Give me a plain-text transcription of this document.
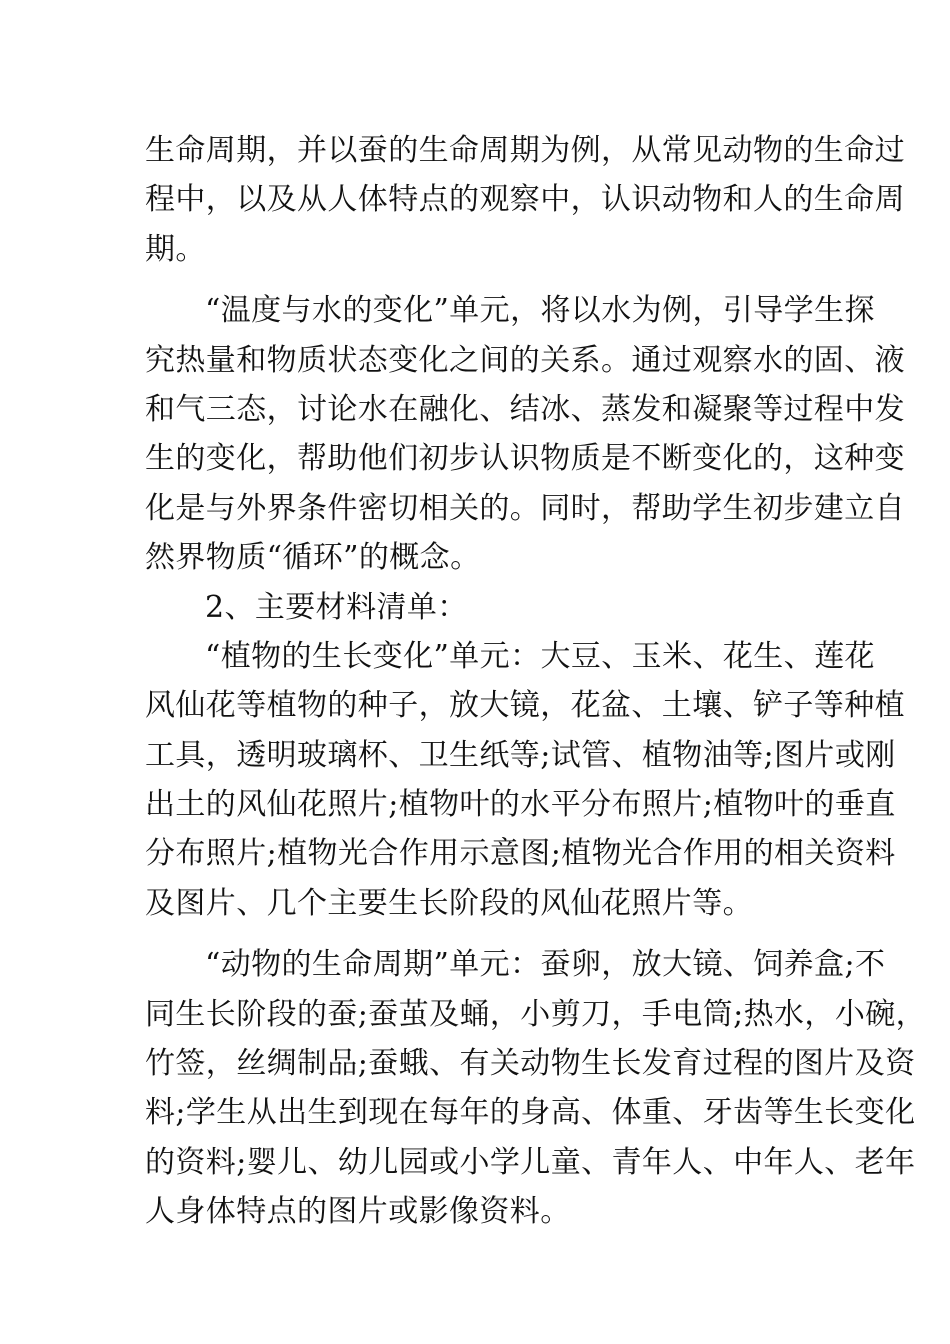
生命周期，并以蚕的生命周期为例，从常见动物的生命过
程中，以及从人体特点的观察中，认识动物和人的生命周
期。
“温度与水的变化”单元，将以水为例，引导学生探
究热量和物质状态变化之间的关系。通过观察水的固、液
和气三态，讨论水在融化、结冰、蒸发和凝聚等过程中发
生的变化，帮助他们初步认识物质是不断变化的，这种变
化是与外界条件密切相关的。同时，帮助学生初步建立自
然界物质“循环”的概念。
2、主要材料清单：
“植物的生长变化”单元：大豆、玉米、花生、莲花
风仙花等植物的种子，放大镜，花盆、土壤、铲子等种植
工具，透明玻璃杯、卫生纸等;试管、植物油等;图片或刚
出土的风仙花照片;植物叶的水平分布照片;植物叶的垂直
分布照片;植物光合作用示意图;植物光合作用的相关资料
及图片、几个主要生长阶段的风仙花照片等。
“动物的生命周期”单元：蚕卵，放大镜、饲养盒;不
同生长阶段的蚕;蚕茧及蛹，小剪刀，手电筒;热水，小碗，
竹签，丝绸制品;蚕蛾、有关动物生长发育过程的图片及资
料;学生从出生到现在每年的身高、体重、牙齿等生长变化
的资料;婴儿、幼儿园或小学儿童、青年人、中年人、老年
人身体特点的图片或影像资料。
